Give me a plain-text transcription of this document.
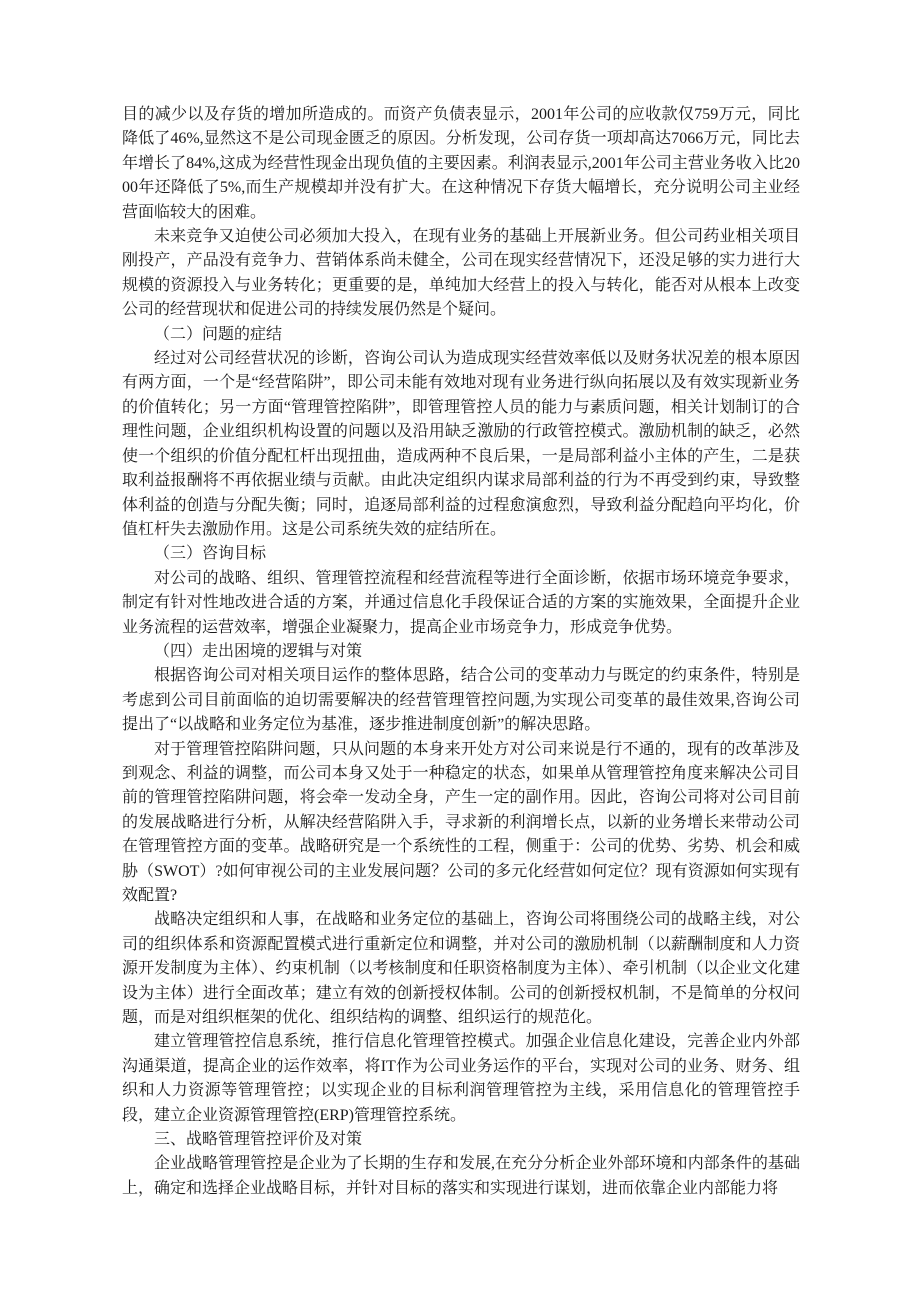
目的减少以及存货的增加所造成的。而资产负债表显示，2001年公司的应收款仅759万元，同比降低了46%,显然这不是公司现金匮乏的原因。分析发现，公司存货一项却高达7066万元，同比去年增长了84%,这成为经营性现金出现负值的主要因素。利润表显示,2001年公司主营业务收入比2000年还降低了5%,而生产规模却并没有扩大。在这种情况下存货大幅增长，充分说明公司主业经营面临较大的困难。

未来竞争又迫使公司必须加大投入，在现有业务的基础上开展新业务。但公司药业相关项目刚投产，产品没有竞争力、营销体系尚未健全，公司在现实经营情况下，还没足够的实力进行大规模的资源投入与业务转化；更重要的是，单纯加大经营上的投入与转化，能否对从根本上改变公司的经营现状和促进公司的持续发展仍然是个疑问。

（二）问题的症结

经过对公司经营状况的诊断，咨询公司认为造成现实经营效率低以及财务状况差的根本原因有两方面，一个是“经营陷阱”，即公司未能有效地对现有业务进行纵向拓展以及有效实现新业务的价值转化；另一方面“管理管控陷阱”，即管理管控人员的能力与素质问题，相关计划制订的合理性问题，企业组织机构设置的问题以及沿用缺乏激励的行政管控模式。激励机制的缺乏，必然使一个组织的价值分配杠杆出现扭曲，造成两种不良后果，一是局部利益小主体的产生，二是获取利益报酬将不再依据业绩与贡献。由此决定组织内谋求局部利益的行为不再受到约束，导致整体利益的创造与分配失衡；同时，追逐局部利益的过程愈演愈烈，导致利益分配趋向平均化，价值杠杆失去激励作用。这是公司系统失效的症结所在。

（三）咨询目标

对公司的战略、组织、管理管控流程和经营流程等进行全面诊断，依据市场环境竞争要求，制定有针对性地改进合适的方案，并通过信息化手段保证合适的方案的实施效果，全面提升企业业务流程的运营效率，增强企业凝聚力，提高企业市场竞争力，形成竞争优势。

（四）走出困境的逻辑与对策

根据咨询公司对相关项目运作的整体思路，结合公司的变革动力与既定的约束条件，特别是考虑到公司目前面临的迫切需要解决的经营管理管控问题,为实现公司变革的最佳效果,咨询公司提出了“以战略和业务定位为基准，逐步推进制度创新”的解决思路。

对于管理管控陷阱问题，只从问题的本身来开处方对公司来说是行不通的，现有的改革涉及到观念、利益的调整，而公司本身又处于一种稳定的状态，如果单从管理管控角度来解决公司目前的管理管控陷阱问题，将会牵一发动全身，产生一定的副作用。因此，咨询公司将对公司目前的发展战略进行分析，从解决经营陷阱入手，寻求新的利润增长点，以新的业务增长来带动公司在管理管控方面的变革。战略研究是一个系统性的工程，侧重于：公司的优势、劣势、机会和威胁（SWOT）?如何审视公司的主业发展问题？公司的多元化经营如何定位？现有资源如何实现有效配置?

战略决定组织和人事，在战略和业务定位的基础上，咨询公司将围绕公司的战略主线，对公司的组织体系和资源配置模式进行重新定位和调整，并对公司的激励机制（以薪酬制度和人力资源开发制度为主体）、约束机制（以考核制度和任职资格制度为主体）、牵引机制（以企业文化建设为主体）进行全面改革；建立有效的创新授权体制。公司的创新授权机制，不是简单的分权问题，而是对组织框架的优化、组织结构的调整、组织运行的规范化。

建立管理管控信息系统，推行信息化管理管控模式。加强企业信息化建设，完善企业内外部沟通渠道，提高企业的运作效率，将IT作为公司业务运作的平台，实现对公司的业务、财务、组织和人力资源等管理管控；以实现企业的目标利润管理管控为主线，采用信息化的管理管控手段，建立企业资源管理管控(ERP)管理管控系统。

三、战略管理管控评价及对策

企业战略管理管控是企业为了长期的生存和发展,在充分分析企业外部环境和内部条件的基础上，确定和选择企业战略目标，并针对目标的落实和实现进行谋划，进而依靠企业内部能力将
